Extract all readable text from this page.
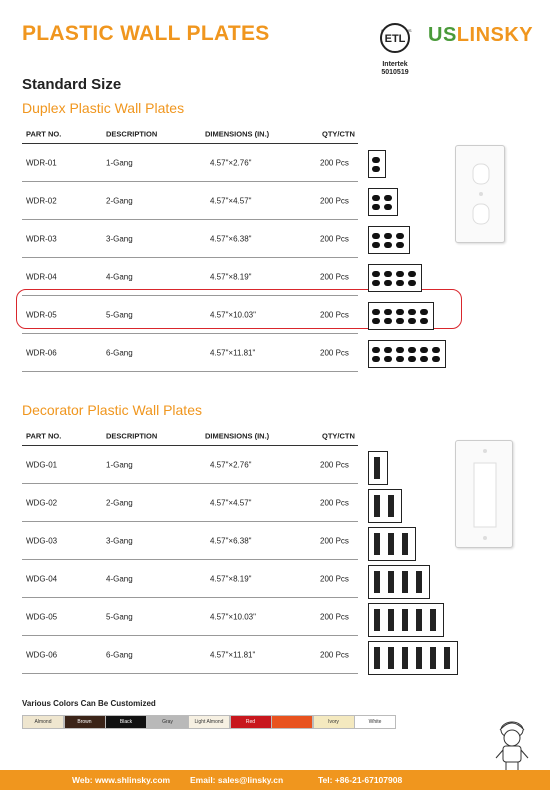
PLASTIC WALL PLATES	ETL
C	US
Intertek
5010519
USLINSKY
Standard Size
Duplex Plastic Wall Plates
PART NO.	DESCRIPTION	DIMENSIONS (IN.)	QTY/CTN
WDR-01	1-Gang	4.57"×2.76"	200 Pcs
WDR-02	2-Gang	4.57"×4.57"	200 Pcs
WDR-03	3-Gang	4.57"×6.38"	200 Pcs
WDR-04	4-Gang	4.57"×8.19"	200 Pcs
WDR-05	5-Gang	4.57"×10.03"	200 Pcs
WDR-06	6-Gang	4.57"×11.81"	200 Pcs
Decorator Plastic Wall Plates
PART NO.	DESCRIPTION	DIMENSIONS (IN.)	QTY/CTN
WDG-01	1-Gang	4.57"×2.76"	200 Pcs
WDG-02	2-Gang	4.57"×4.57"	200 Pcs
WDG-03	3-Gang	4.57"×6.38"	200 Pcs
WDG-04	4-Gang	4.57"×8.19"	200 Pcs
WDG-05	5-Gang	4.57"×10.03"	200 Pcs
WDG-06	6-Gang	4.57"×11.81"	200 Pcs
Various Colors Can Be Customized
Almond	Brown	Black	Gray	Light Almond	Red	Ivory	White
Web: www.shlinsky.com Email: sales@linsky.cn	Tel: +86-21-67107908
